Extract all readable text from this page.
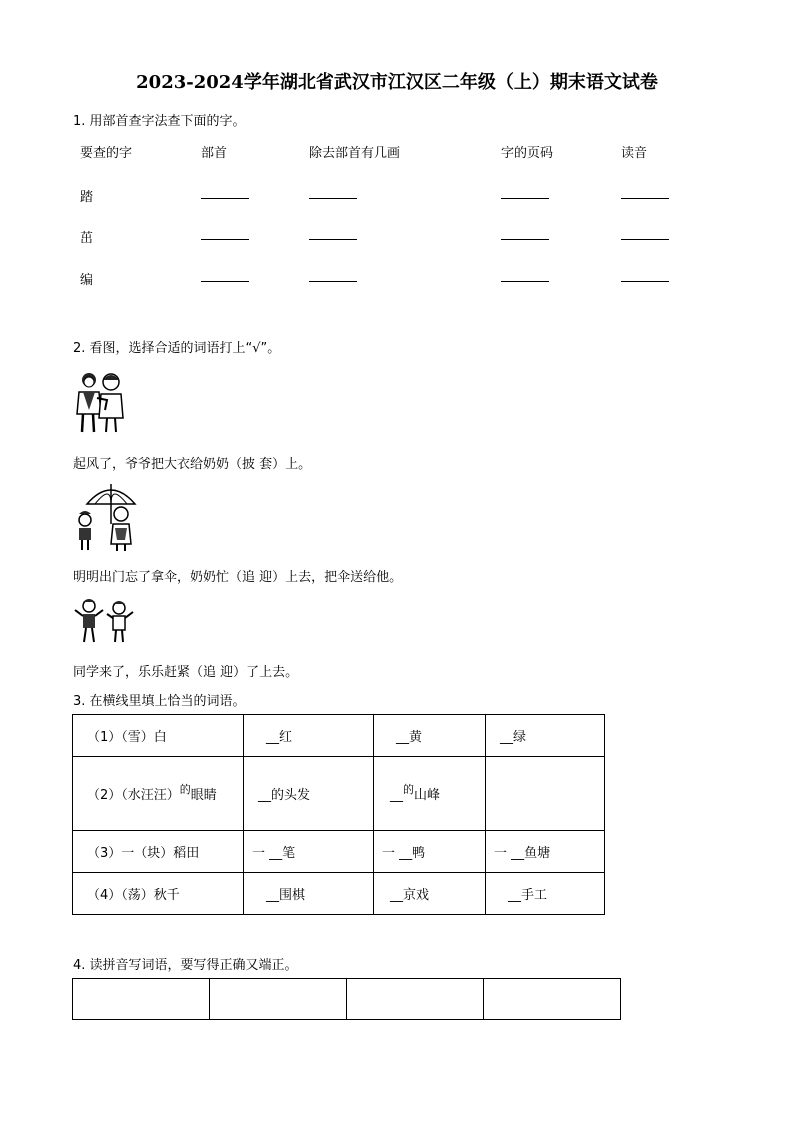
2023-2024学年湖北省武汉市江汉区二年级（上）期末语文试卷
1. 用部首查字法查下面的字。
要查的字	部首	除去部首有几画	字的页码	读音
踏
茁
编
2. 看图，选择合适的词语打上“√”。
起风了，爷爷把大衣给奶奶（披 套）上。
明明出门忘了拿伞，奶奶忙（追 迎）上去，把伞送给他。
同学来了，乐乐赶紧（追 迎）了上去。
3. 在横线里填上恰当的词语。
（1）（雪）白	__红	__黄	__绿
（2）（水汪汪）$^的$眼睛	__的头发	__$^的$山峰	
（3）一（块）稻田	一 __笔	一 __鸭	一 __鱼塘
（4）（荡）秋千	__围棋	__京戏	__手工
4. 读拼音写词语，要写得正确又端正。
